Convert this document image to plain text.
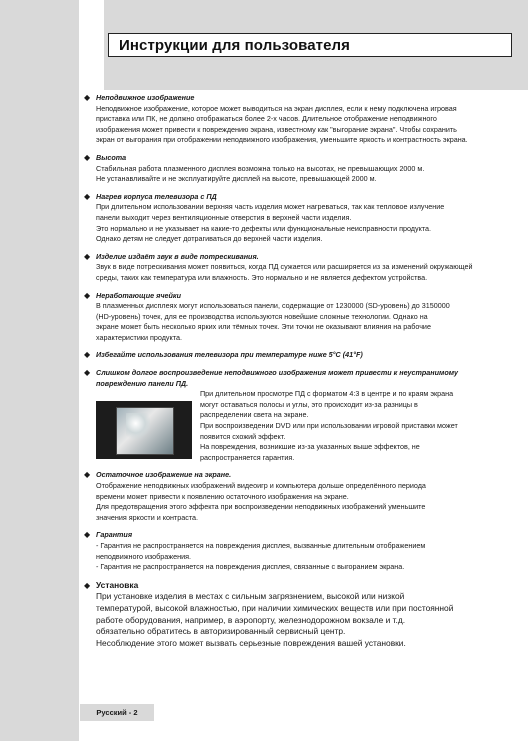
Инструкции для пользователя
◆ Неподвижное изображение
Неподвижное изображение, которое может выводиться на экран дисплея, если к нему подключена игровая
приставка или ПК, не должно отображаться более 2-х часов. Длительное отображение неподвижного
изображения может привести к повреждению экрана, известному как "выгорание экрана". Чтобы сохранить
экран от выгорания при отображении неподвижного изображения, уменьшите яркость и контрастность экрана.
◆ Высота
Стабильная работа плазменного дисплея возможна только на высотах, не превышающих 2000 м.
Не устанавливайте и не эксплуатируйте дисплей на высоте, превышающей 2000 м.
◆ Нагрев корпуса телевизора с ПД
При длительном использовании верхняя часть изделия может нагреваться, так как тепловое излучение
панели выходит через вентиляционные отверстия в верхней части изделия.
Это нормально и не указывает на какие-то дефекты или функциональные неисправности продукта.
Однако детям не следует дотрагиваться до верхней части изделия.
◆ Изделие издаёт звук в виде потрескивания.
Звук в виде потрескивания может появиться, когда ПД сужается или расширяется из за изменений окружающей
среды, таких как температура или влажность. Это нормально и не является дефектом устройства.
◆ Неработающие ячейки
В плазменных дисплеях могут использоваться панели, содержащие от 1230000 (SD-уровень) до 3150000
(HD-уровень) точек, для ее производства используются новейшие сложные технологии. Однако на
экране может быть несколько ярких или тёмных точек. Эти точки не оказывают влияния на рабочие
характеристики продукта.
◆ Избегайте использования телевизора при температуре ниже 5°C (41°F)
◆ Слишком долгое воспроизведение неподвижного изображения может привести к неустранимому
повреждению панели ПД.
При длительном просмотре ПД с форматом 4:3 в центре и по краям экрана
могут оставаться полосы и углы, это происходит из-за разницы в
распределении света на экране.
При воспроизведении DVD или при использовании игровой приставки может
появится схожий эффект.
На повреждения, возникшие из-за указанных выше эффектов, не
распространяется гарантия.
◆ Остаточное изображение на экране.
Отображение неподвижных изображений видеоигр и компьютера дольше определённого периода
времени может привести к появлению остаточного изображения на экране.
Для предотвращения этого эффекта при воспроизведении неподвижных изображений уменьшите
значения яркости и контраста.
◆ Гарантия
- Гарантия не распространяется на повреждения дисплея, вызванные длительным отображением
неподвижного изображения.
- Гарантия не распространяется на повреждения дисплея, связанные с выгоранием экрана.
◆ Установка
При установке изделия в местах с сильным загрязнением, высокой или низкой
температурой, высокой влажностью, при наличии химических веществ или при постоянной
работе оборудования, например, в аэропорту, железнодорожном вокзале и т.д.
обязательно обратитесь в авторизированный сервисный центр.
Несоблюдение этого может вызвать серьезные повреждения вашей установки.
Русский - 2
